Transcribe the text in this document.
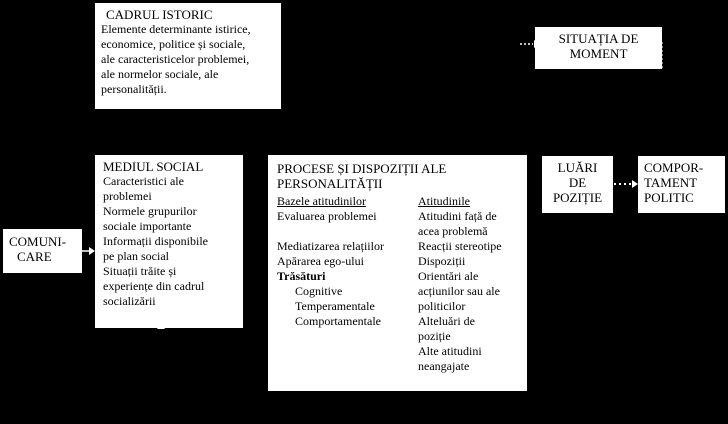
CADRUL ISTORIC
Elemente determinante istirice,
economice, politice și sociale,
ale caracteristicelor problemei,
ale normelor sociale, ale
personalității.
SITUAȚIA DE
MOMENT
MEDIUL SOCIAL
Caracteristici ale
problemei
Normele grupurilor
sociale importante
Informații disponibile
pe plan social
Situații trăite și
experiențe din cadrul
socializării
PROCESE ȘI DISPOZIȚII ALE
PERSONALITĂȚII
Bazele atitudinilor
Evaluarea problemei

Mediatizarea relațiilor
Apărarea ego-ului
Trăsături
Cognitive
Temperamentale
Comportamentale
Atitudinile
Atitudini față de
acea problemă
Reacții stereotipe
Dispoziții
Orientări ale
acțiunilor sau ale
politicilor
Alteluări de
poziție
Alte atitudini
neangajate
COMUNI-
CARE
LUĂRI
DE
POZIȚIE
COMPOR-
TAMENT
POLITIC
